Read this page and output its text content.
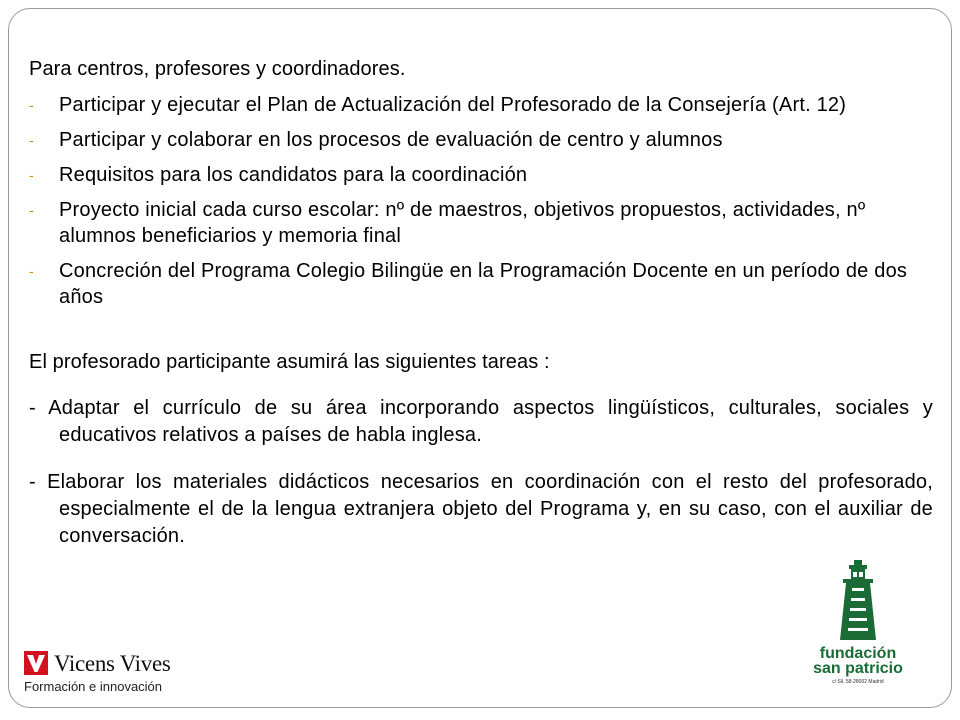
Para centros, profesores y coordinadores.

- Participar y ejecutar el Plan de Actualización del Profesorado de la Consejería (Art. 12)
- Participar y colaborar en los procesos de evaluación de centro y alumnos
- Requisitos para los candidatos para la coordinación
- Proyecto inicial cada curso escolar: nº de maestros, objetivos propuestos, actividades, nº alumnos beneficiarios y memoria final
- Concreción del Programa Colegio Bilingüe en la Programación Docente en un período de dos años

El profesorado participante asumirá las siguientes tareas :

- Adaptar el currículo de su área incorporando aspectos lingüísticos, culturales, sociales y educativos relativos a países de habla inglesa.

- Elaborar los materiales didácticos necesarios en coordinación con el resto del profesorado, especialmente el de la lengua extranjera objeto del Programa y, en su caso, con el auxiliar de conversación.

Vicens Vives
Formación e innovación
fundación
san patricio
c/ Sil, 58-28002 Madrid
